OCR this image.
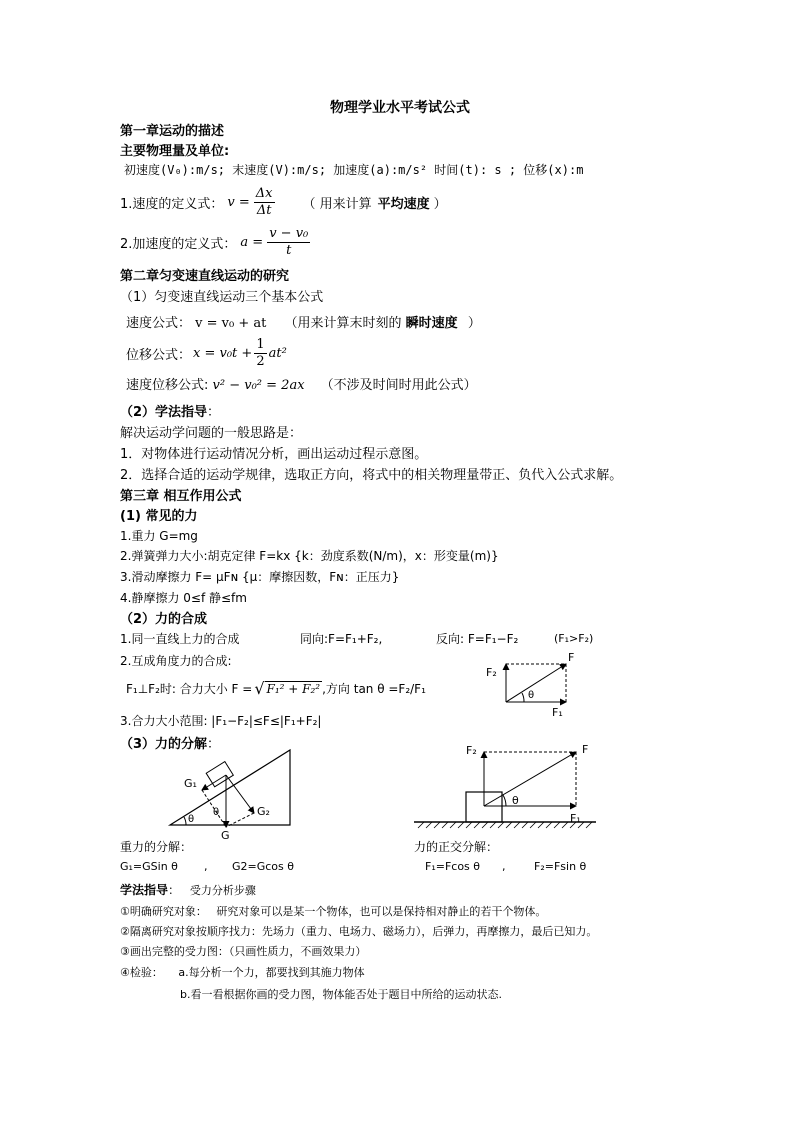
物理学业水平考试公式
第一章运动的描述
主要物理量及单位:
初速度(V₀):m/s; 末速度(V):m/s; 加速度(a):m/s² 时间(t): s ; 位移(x):m
1.速度的定义式： $v = \frac{\Delta x}{\Delta t}$ （ 用来计算 平均速度 ）
2.加速度的定义式： $a = \frac{\text{v − v₀}}{t}$
第二章匀变速直线运动的研究
（1）匀变速直线运动三个基本公式
速度公式： v = v₀ + at （用来计算末时刻的 瞬时速度 ）
位移公式： $x = v_0t + \frac{1}{2} at^2$
速度位移公式: v² − v₀² = 2ax （不涉及时间时用此公式）
（2）学法指导：
解决运动学问题的一般思路是：
1．对物体进行运动情况分析，画出运动过程示意图。
2．选择合适的运动学规律，选取正方向，将式中的相关物理量带正、负代入公式求解。
第三章 相互作用公式
(1) 常见的力
1.重力 G=mg
2.弹簧弹力大小:胡克定律 F=kx {k：劲度系数(N/m)，x：形变量(m)}
3.滑动摩擦力 F= μFɴ {μ：摩擦因数，Fɴ：正压力}
4.静摩擦力 0≤f 静≤fm
（2）力的合成
1.同一直线上力的合成	同向:F=F₁+F₂,	反向: F=F₁−F₂	(F₁>F₂)
2.互成角度力的合成:
F₁⊥F₂时: 合力大小 F = √ F₁² + F₂² ,方向 tan θ =F₂/F₁
3.合力大小范围: |F₁−F₂|≤F≤|F₁+F₂|
（3）力的分解：
F
F₂
F₁
θ
θ
G₁
G₂
θ
G
θ
F
F₂
F₁
重力的分解：
G₁=GSin θ , G2=Gcos θ
力的正交分解：
F₁=Fcos θ ,	F₂=Fsin θ
学法指导： 受力分析步骤
①明确研究对象： 研究对象可以是某一个物体，也可以是保持相对静止的若干个物体。
②隔离研究对象按顺序找力：先场力（重力、电场力、磁场力），后弹力，再摩擦力，最后已知力。
③画出完整的受力图：（只画性质力，不画效果力）
④检验： a.每分析一个力，都要找到其施力物体
b.看一看根据你画的受力图，物体能否处于题目中所给的运动状态.
